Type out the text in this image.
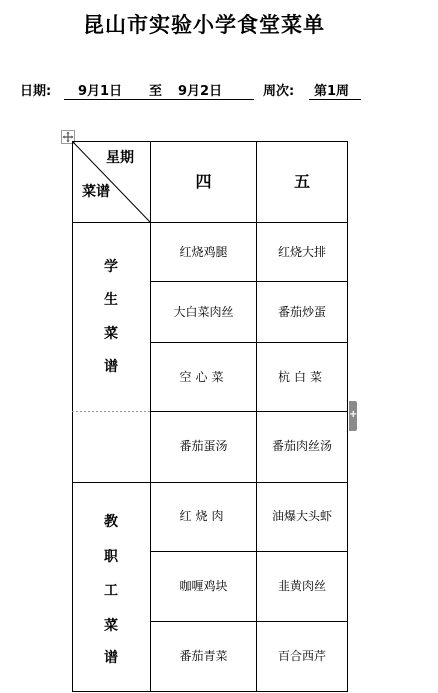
昆山市实验小学食堂菜单
日期: 9月1日 至 9月2日	周次: 第1周
星期
菜谱
四	五
学
生
菜
谱
红烧鸡腿	红烧大排
大白菜肉丝	番茄炒蛋
空心菜	杭白菜
番茄蛋汤	番茄肉丝汤
教
职
工
菜
谱
红烧肉	油爆大头虾
咖喱鸡块	韭黄肉丝
番茄青菜	百合西芹
+
